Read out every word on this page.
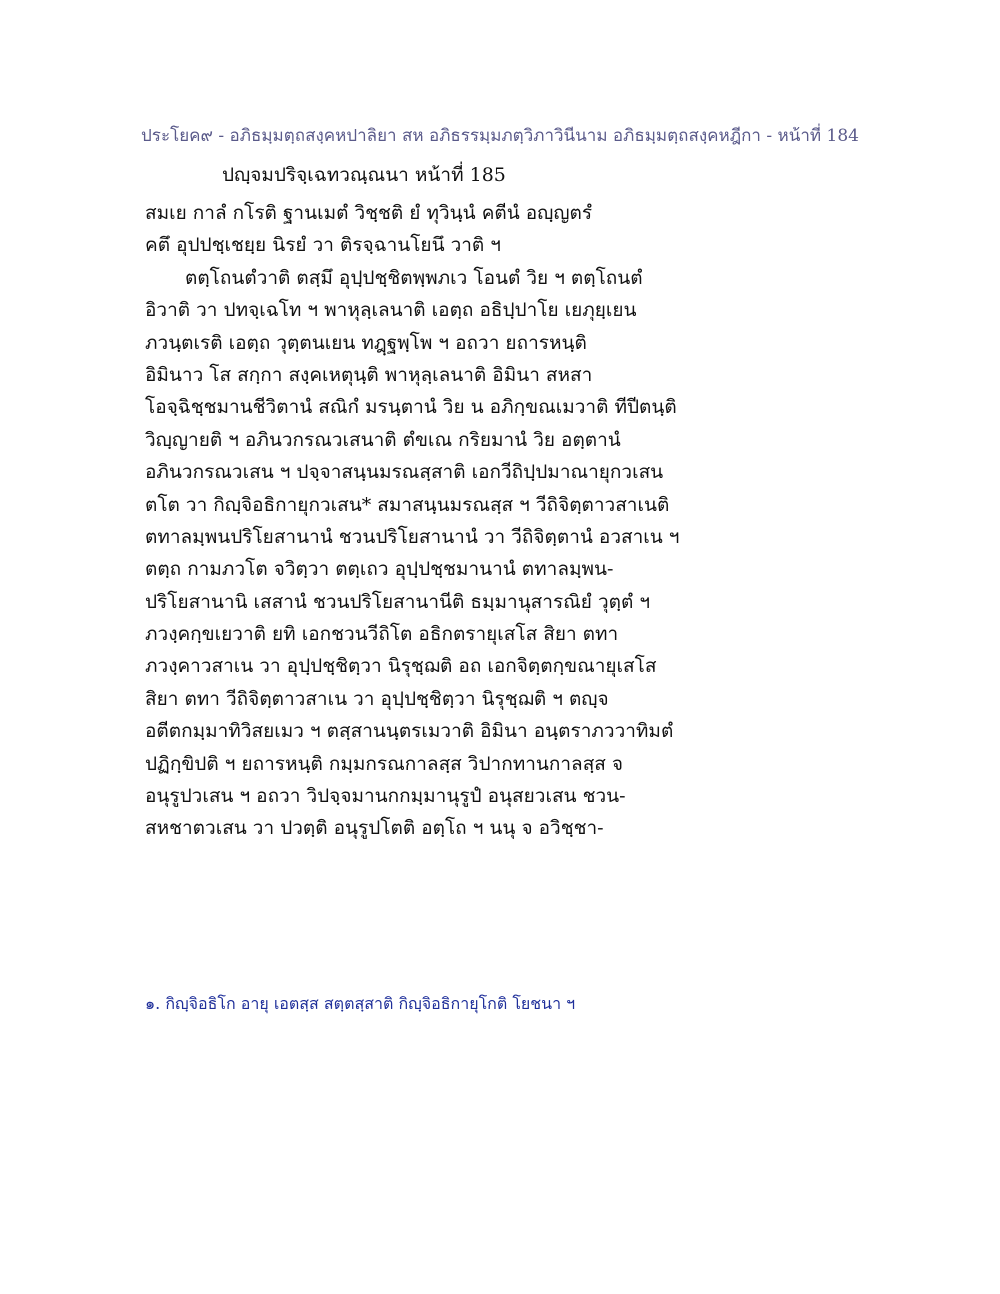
ประโยค๙ - อภิธมฺมตฺถสงฺคหปาลิยา สห อภิธรรมฺมภตฺวิภาวินีนาม อภิธมฺมตฺถสงฺคหฎีกา - หน้าที่ 184
ปญฺจมปริจฺเฉทวณฺณนา หน้าที่ 185
สมเย กาลํ กโรติ ฐานเมตํ วิชฺชติ ยํ ทุวินฺนํ คตีนํ อญฺญตรํ
คตึ อุปปชฺเชยฺย นิรยํ วา ติรจฺฉานโยนึ วาติ ฯ
ตตฺโถนตํวาติ ตสฺมึ อุปฺปชฺชิตพฺพภเว โอนตํ วิย ฯ ตตฺโถนตํ
อิวาติ วา ปทจฺเฉโท ฯ พาหุลฺเลนาติ เอตฺถ อธิปฺปาโย เยภุยฺเยน
ภวนฺตเรติ เอตฺถ วุตฺตนเยน ทฎฺฐพฺโพ ฯ อถวา ยถารหนฺติ
อิมินาว โส สกฺกา สงฺคเหตุนฺติ พาหุลฺเลนาติ อิมินา สหสา
โอจฺฉิชฺชมานชีวิตานํ สณิกํ มรนฺตานํ วิย น อภิกฺขณเมวาติ ทีปีตนฺติ
วิญฺญายติ ฯ อภินวกรณวเสนาติ ตํขเณ กริยมานํ วิย อตฺตานํ
อภินวกรณวเสน ฯ ปจฺจาสนฺนมรณสฺสาติ เอกวีถิปฺปมาณายุกวเสน
ตโต วา กิญฺจิอธิกายุกวเสน* สมาสนฺนมรณสฺส ฯ วีถิจิตฺตาวสาเนติ
ตทาลมฺพนปริโยสานานํ ชวนปริโยสานานํ วา วีถิจิตฺตานํ อวสาเน ฯ
ตตฺถ กามภวโต จวิตฺวา ตตฺเถว อุปฺปชฺชมานานํ ตทาลมฺพน-
ปริโยสานานิ เสสานํ ชวนปริโยสานานีติ ธมฺมานุสารณิยํ วุตฺตํ ฯ
ภวงฺคกฺขเยวาติ ยทิ เอกชวนวีถิโต อธิกตรายุเสโส สิยา ตทา
ภวงฺคาวสาเน วา อุปฺปชฺชิตฺวา นิรุชฺฌติ อถ เอกจิตฺตกฺขณายุเสโส
สิยา ตทา วีถิจิตฺตาวสาเน วา อุปฺปชฺชิตฺวา นิรุชฺฌติ ฯ ตญฺจ
อตีตกมฺมาทิวิสยเมว ฯ ตสฺสานนฺตรเมวาติ อิมินา อนฺตราภววาทิมตํ
ปฏิกฺขิปติ ฯ ยถารหนฺติ กมฺมกรณกาลสฺส วิปากทานกาลสฺส จ
อนุรูปวเสน ฯ อถวา วิปจฺจมานกกมฺมานุรูปํ อนุสยวเสน ชวน-
สหชาตวเสน วา ปวตฺติ อนุรูปโตติ อตฺโถ ฯ นนุ จ อวิชฺชา-
๑. กิญฺจิอธิโก อายุ เอตสฺส สตฺตสฺสาติ กิญฺจิอธิกายุโกติ โยชนา ฯ
